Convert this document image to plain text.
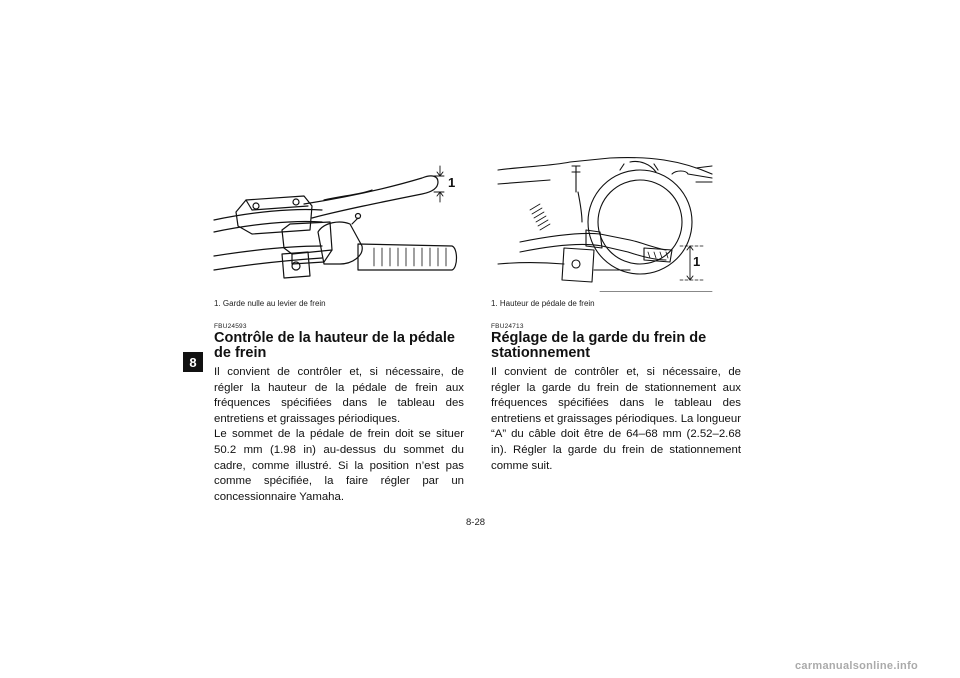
8
1
1. Garde nulle au levier de frein
FBU24593
Contrôle de la hauteur de la pédale de frein

Il convient de contrôler et, si nécessaire, de régler la hauteur de la pédale de frein aux fréquences spécifiées dans le tableau des entretiens et graissages périodiques.

Le sommet de la pédale de frein doit se situer 50.2 mm (1.98 in) au-dessus du sommet du cadre, comme illustré. Si la position n’est pas comme spécifiée, la faire régler par un concessionnaire Yamaha.

1
1. Hauteur de pédale de frein
FBU24713
Réglage de la garde du frein de stationnement

Il convient de contrôler et, si nécessaire, de régler la garde du frein de stationnement aux fréquences spécifiées dans le tableau des entretiens et graissages périodiques. La longueur “A” du câble doit être de 64–68 mm (2.52–2.68 in). Régler la garde du frein de stationnement comme suit.

8-28
carmanualsonline.info
